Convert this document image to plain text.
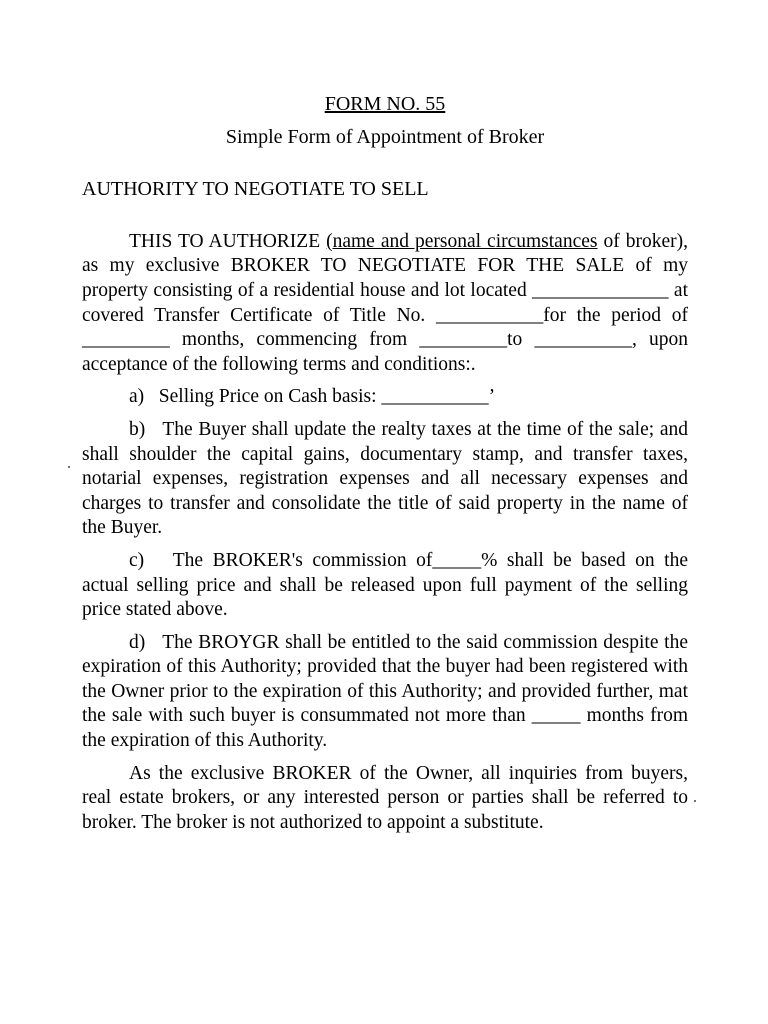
FORM NO. 55

Simple Form of Appointment of Broker

AUTHORITY TO NEGOTIATE TO SELL

THIS TO AUTHORIZE (name and personal circumstances of broker), as my exclusive BROKER TO NEGOTIATE FOR THE SALE of my property consisting of a residential house and lot located ______________ at covered Transfer Certificate of Title No. ___________for the period of _________ months, commencing from _________to __________, upon acceptance of the following terms and conditions:.

a)   Selling Price on Cash basis: ___________’

b)   The Buyer shall update the realty taxes at the time of the sale; and shall shoulder the capital gains, documentary stamp, and transfer taxes, notarial expenses, registration expenses and all necessary expenses and charges to transfer and consolidate the title of said property in the name of the Buyer.

c)   The BROKER's commission of_____% shall be based on the actual selling price and shall be released upon full payment of the selling price stated above.

d)   The BROYGR shall be entitled to the said commission despite the expiration of this Authority; provided that the buyer had been registered with the Owner prior to the expiration of this Authority; and provided further, mat the sale with such buyer is consummated not more than _____ months from the expiration of this Authority.

As the exclusive BROKER of the Owner, all inquiries from buyers, real estate brokers, or any interested person or parties shall be referred to broker. The broker is not authorized to appoint a substitute.
